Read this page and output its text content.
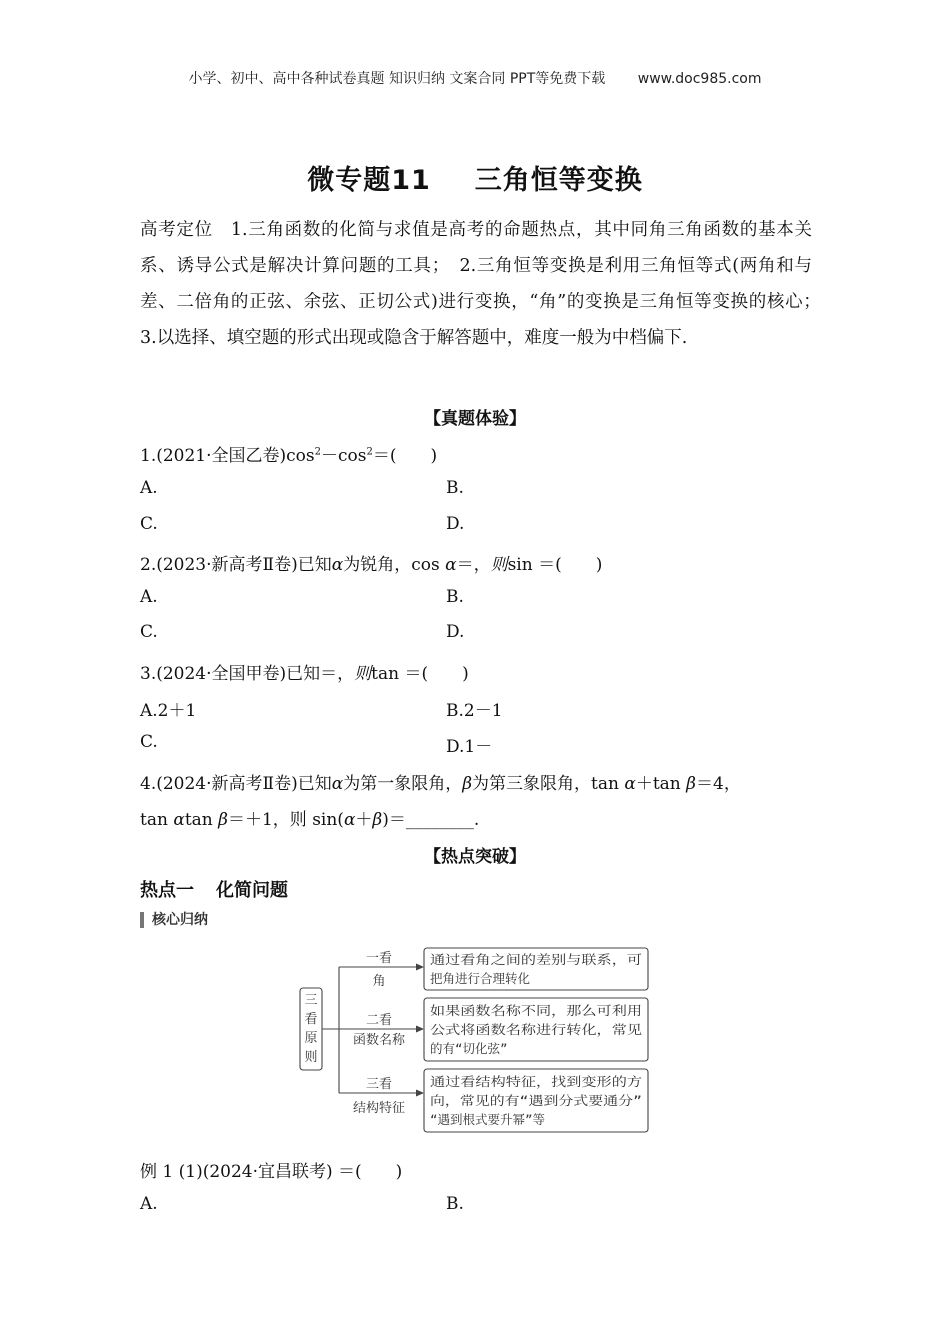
小学、初中、高中各种试卷真题 知识归纳 文案合同 PPT等免费下载 www.doc985.com
微专题11 三角恒等变换
高考定位 1.三角函数的化简与求值是高考的命题热点，其中同角三角函数的基本关系、诱导公式是解决计算问题的工具；　2.三角恒等变换是利用三角恒等式(两角和与差、二倍角的正弦、余弦、正切公式)进行变换，“角”的变换是三角恒等变换的核心；　3.以选择、填空题的形式出现或隐含于解答题中，难度一般为中档偏下.
【真题体验】
1.(2021·全国乙卷)$\cos^2-\cos^2=$(　　)
A.	B.
C.	D.
2.(2023·新高考Ⅱ卷)已知α为锐角，cos α＝，则sin ＝(　　)
A.	B.
C.	D.
3.(2024·全国甲卷)已知＝，则tan ＝(　　)
A.2＋1	B.2－1
C.	D.1－
4.(2024·新高考Ⅱ卷)已知α为第一象限角，β为第三象限角，tan α＋tan β＝4，
tan αtan β＝＋1，则 sin(α＋β)＝________.
【热点突破】
热点一 化简问题
核心归纳
三
看
原
则
一看
角
二看
函数名称
三看
结构特征
通过看角之间的差别与联系，可
把角进行合理转化
如果函数名称不同，那么可利用
公式将函数名称进行转化，常见
的有“切化弦”
通过看结构特征，找到变形的方
向，常见的有“遇到分式要通分”
“遇到根式要升幂”等
例 1 (1)(2024·宜昌联考) ＝(　　)
A.	B.
